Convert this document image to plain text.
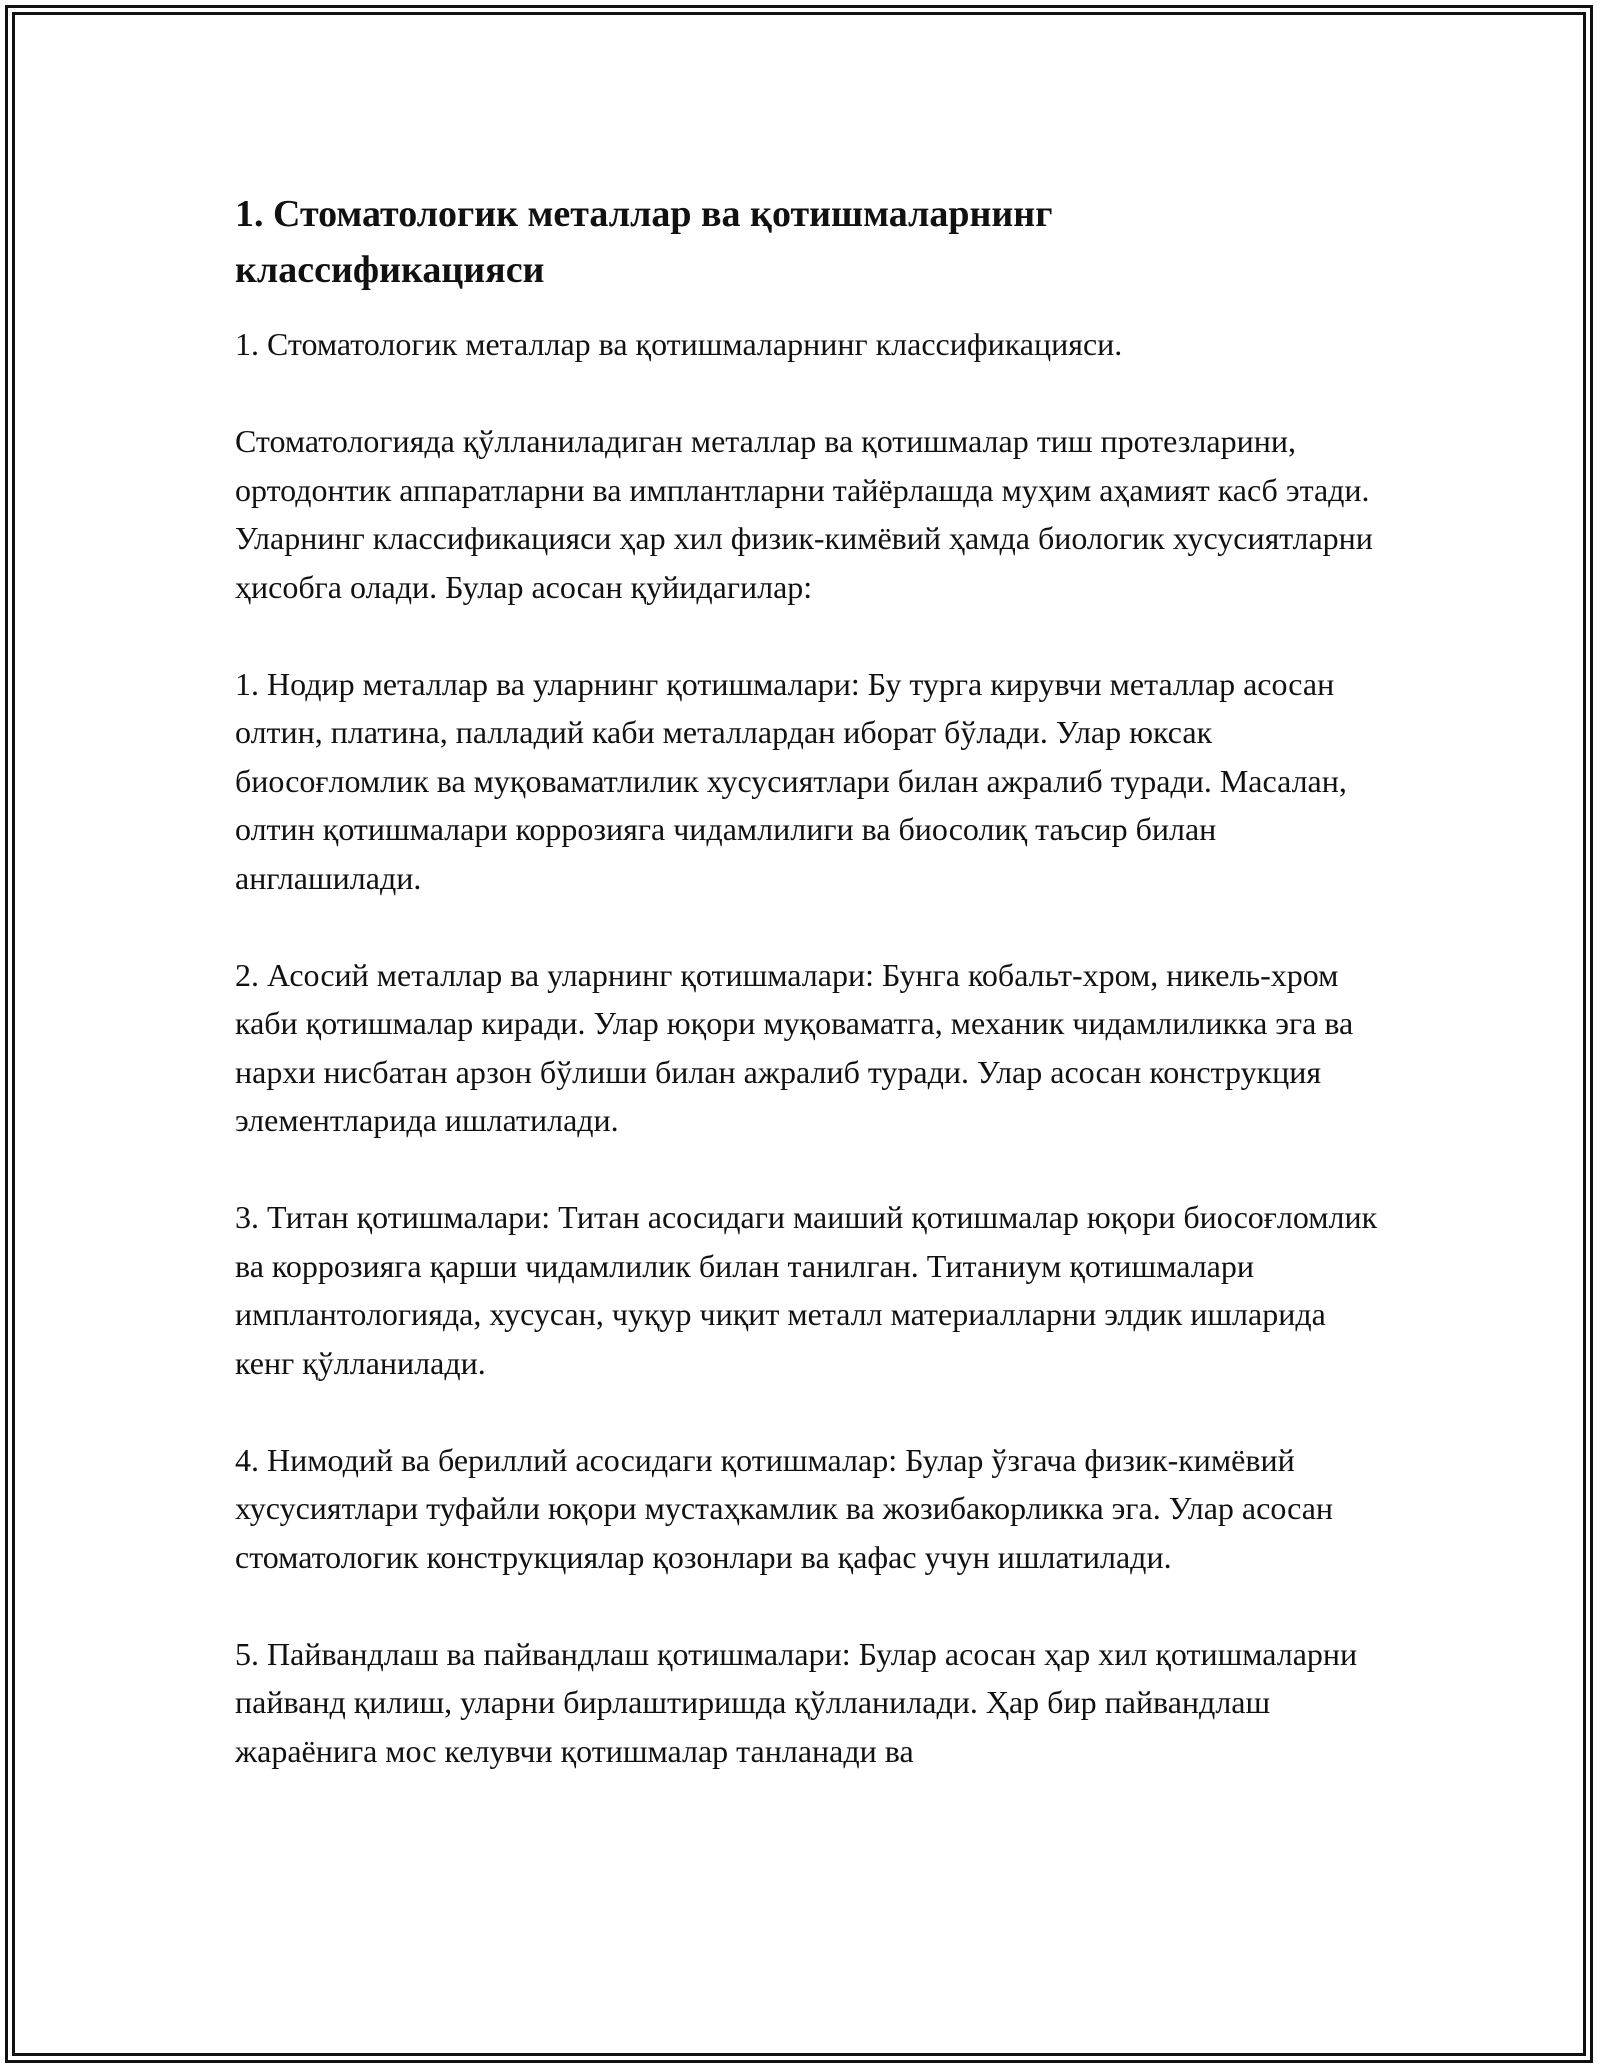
1. Стоматологик металлар ва қотишмаларнинг
классификацияси

1. Стоматологик металлар ва қотишмаларнинг классификацияси.

Стоматологияда қўлланиладиган металлар ва қотишмалар тиш протезларини, ортодонтик аппаратларни ва имплантларни тайёрлашда муҳим аҳамият касб этади. Уларнинг классификацияси ҳар хил физик-кимёвий ҳамда биологик хусусиятларни ҳисобга олади. Булар асосан қуйидагилар:

1. Нодир металлар ва уларнинг қотишмалари: Бу турга кирувчи металлар асосан олтин, платина, палладий каби металлардан иборат бўлади. Улар юксак биосоғломлик ва муқовам​атлилик хусусиятлари билан ажралиб туради. Масалан, олтин қотишмалари коррозияга чидамлилиги ва биосолиқ таъсир билан англашилади.

2. Асосий металлар ва уларнинг қотишмалари: Бунга кобальт-хром, никель-хром каби қотишмалар киради. Улар юқори муқовам​атга, механик чидамлиликка эга ва нархи нисбатан арзон бўлиши билан ажралиб туради. Улар асосан конструкция элементларида ишлатилади.

3. Титан қотишмалари: Титан асосидаги маиший қотишмалар юқори биосоғломлик ва коррозияга қарши чидамлилик билан танилган. Титаниум қотишмалари имплантологияда, хусусан, чуқур чиқит металл материалларни элдик ишларида кенг қўлланилади.

4. Нимодий ва бериллий асосидаги қотишмалар: Булар ўзгача физик-кимёвий хусусиятлари туфайли юқори мустаҳкамлик ва жозибакорликка эга. Улар асосан стоматологик конструкциялар қозонлари ва қафас учун ишлатилади.

5. Пайвандлаш ва пайвандлаш қотишмалари: Булар асосан ҳар хил қотишмаларни пайванд қилиш, уларни бирлаштиришда қўлланилади. Ҳар бир пайвандлаш жараёнига мос келувчи қотишмалар танланади ва
